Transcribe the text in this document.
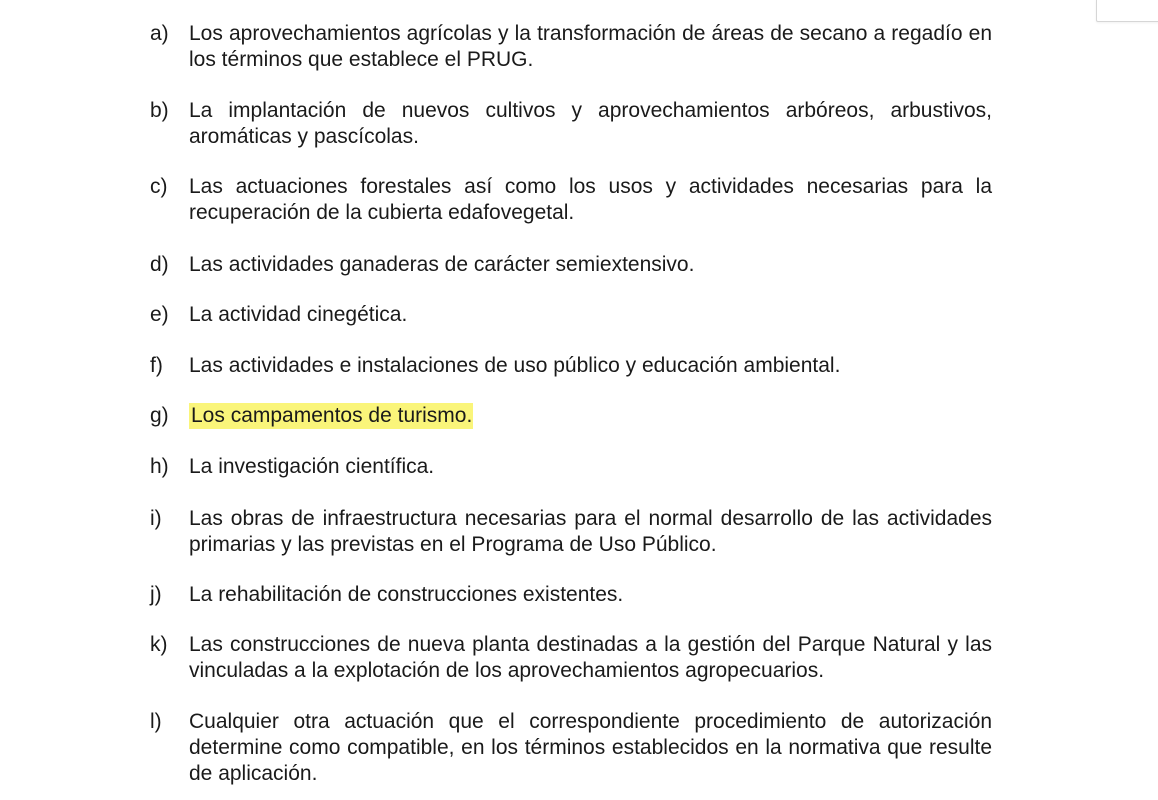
a) Los aprovechamientos agrícolas y la transformación de áreas de secano a regadío en los términos que establece el PRUG.
b) La implantación de nuevos cultivos y aprovechamientos arbóreos, arbustivos, aromáticas y pascícolas.
c)	Las actuaciones forestales así como los usos y actividades necesarias para la recuperación de la cubierta edafovegetal.
d) Las actividades ganaderas de carácter semiextensivo.
e) La actividad cinegética.
f)	Las actividades e instalaciones de uso público y educación ambiental.
g)	Los campamentos de turismo.
h) La investigación científica.
i)	Las obras de infraestructura necesarias para el normal desarrollo de las actividades primarias y las previstas en el Programa de Uso Público.
j)	La rehabilitación de construcciones existentes.
k)	Las construcciones de nueva planta destinadas a la gestión del Parque Natural y las vinculadas a la explotación de los aprovechamientos agropecuarios.
l)	Cualquier otra actuación que el correspondiente procedimiento de autorización determine como compatible, en los términos establecidos en la normativa que resulte de aplicación.
